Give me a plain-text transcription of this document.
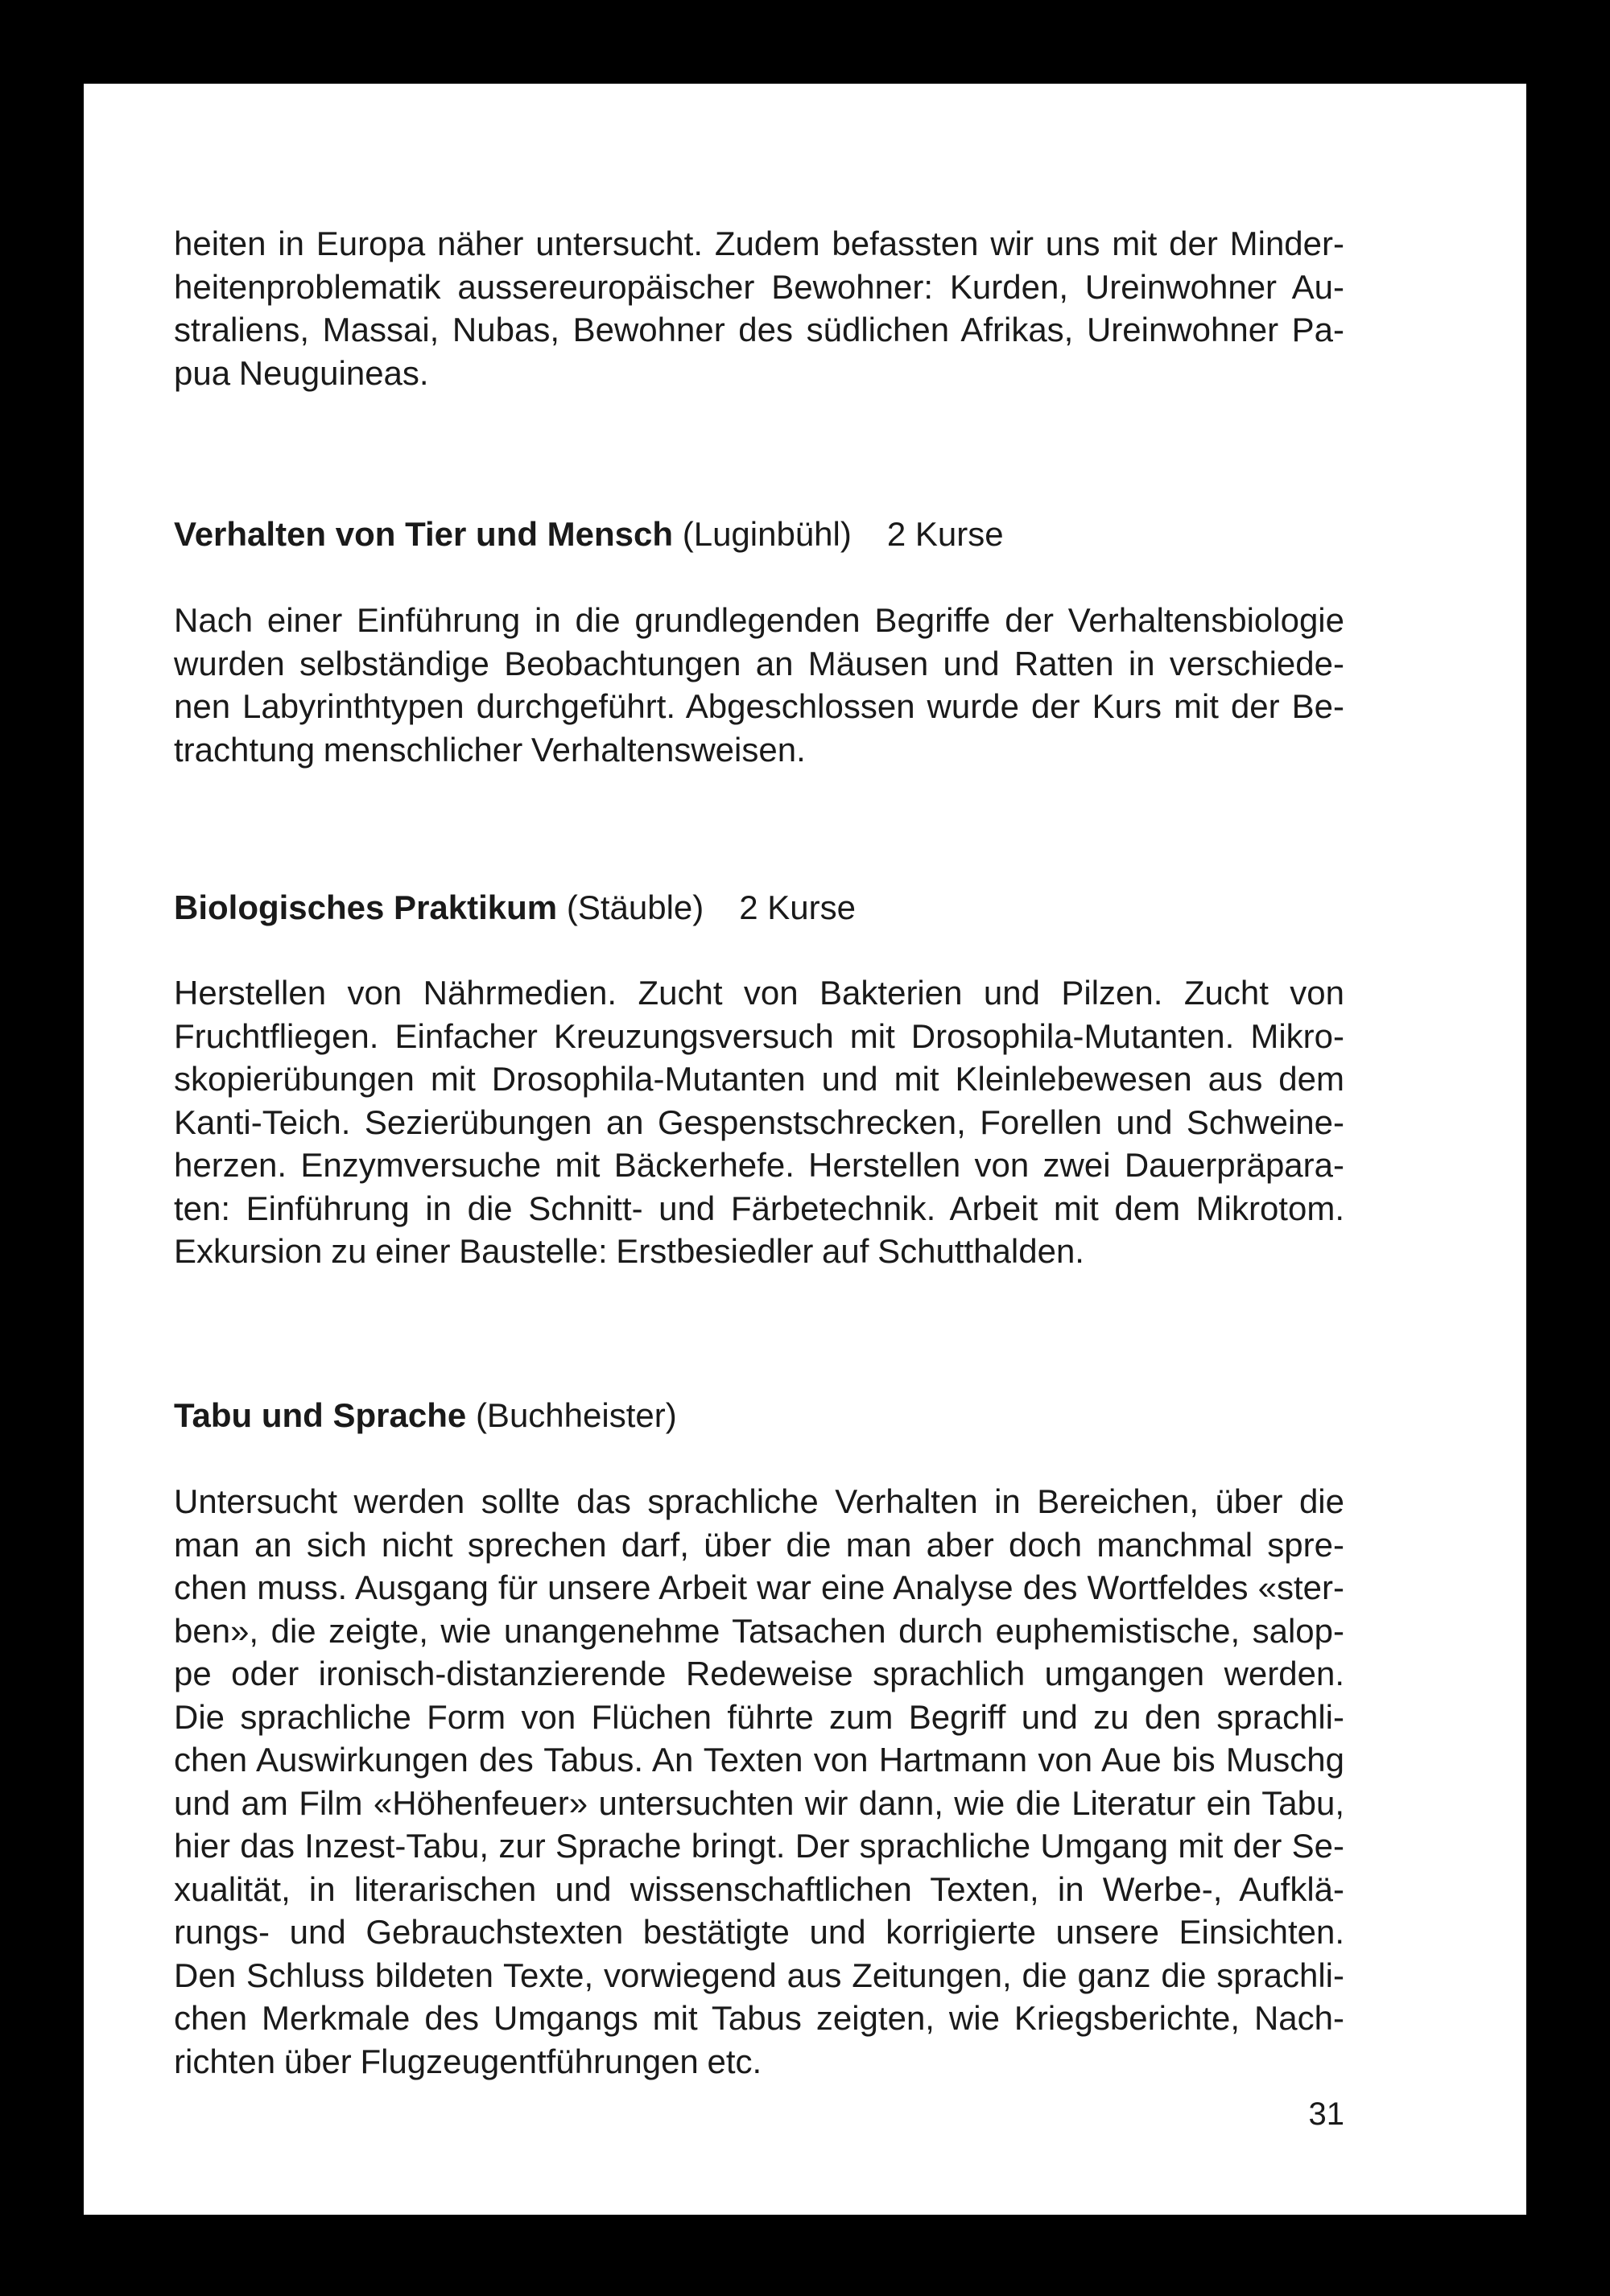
heiten in Europa näher untersucht. Zudem befassten wir uns mit der Minder-
heitenproblematik aussereuropäischer Bewohner: Kurden, Ureinwohner Au-
straliens, Massai, Nubas, Bewohner des südlichen Afrikas, Ureinwohner Pa-
pua Neuguineas.
Verhalten von Tier und Mensch (Luginbühl) 2 Kurse
Nach einer Einführung in die grundlegenden Begriffe der Verhaltensbiologie
wurden selbständige Beobachtungen an Mäusen und Ratten in verschiede-
nen Labyrinthtypen durchgeführt. Abgeschlossen wurde der Kurs mit der Be-
trachtung menschlicher Verhaltensweisen.
Biologisches Praktikum (Stäuble) 2 Kurse
Herstellen von Nährmedien. Zucht von Bakterien und Pilzen. Zucht von
Fruchtfliegen. Einfacher Kreuzungsversuch mit Drosophila-Mutanten. Mikro-
skopierübungen mit Drosophila-Mutanten und mit Kleinlebewesen aus dem
Kanti-Teich. Sezierübungen an Gespenstschrecken, Forellen und Schweine-
herzen. Enzymversuche mit Bäckerhefe. Herstellen von zwei Dauerpräpara-
ten: Einführung in die Schnitt- und Färbetechnik. Arbeit mit dem Mikrotom.
Exkursion zu einer Baustelle: Erstbesiedler auf Schutthalden.
Tabu und Sprache (Buchheister)
Untersucht werden sollte das sprachliche Verhalten in Bereichen, über die
man an sich nicht sprechen darf, über die man aber doch manchmal spre-
chen muss. Ausgang für unsere Arbeit war eine Analyse des Wortfeldes «ster-
ben», die zeigte, wie unangenehme Tatsachen durch euphemistische, salop-
pe oder ironisch-distanzierende Redeweise sprachlich umgangen werden.
Die sprachliche Form von Flüchen führte zum Begriff und zu den sprachli-
chen Auswirkungen des Tabus. An Texten von Hartmann von Aue bis Muschg
und am Film «Höhenfeuer» untersuchten wir dann, wie die Literatur ein Tabu,
hier das Inzest-Tabu, zur Sprache bringt. Der sprachliche Umgang mit der Se-
xualität, in literarischen und wissenschaftlichen Texten, in Werbe-, Aufklä-
rungs- und Gebrauchstexten bestätigte und korrigierte unsere Einsichten.
Den Schluss bildeten Texte, vorwiegend aus Zeitungen, die ganz die sprachli-
chen Merkmale des Umgangs mit Tabus zeigten, wie Kriegsberichte, Nach-
richten über Flugzeugentführungen etc.
31
